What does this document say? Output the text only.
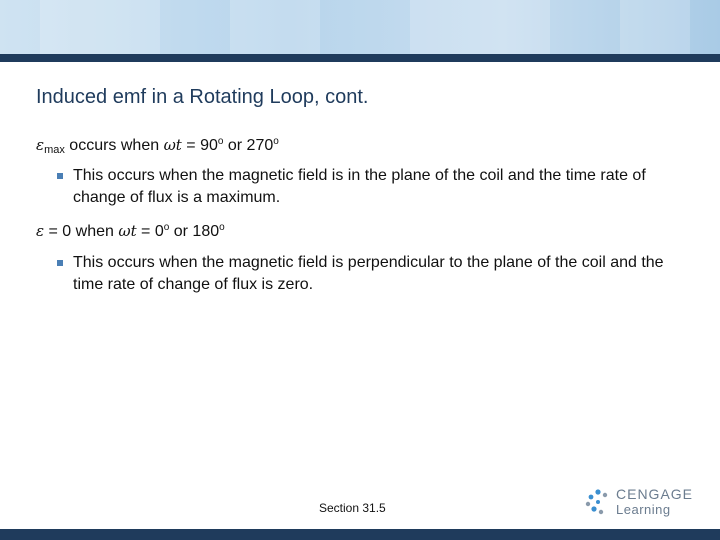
Induced emf in a Rotating Loop, cont.
$\varepsilon_{max}$ occurs when $\omega t = 90^o$ or 270$^o$
This occurs when the magnetic field is in the plane of the coil and the time rate of change of flux is a maximum.
ε = 0 when $\omega t = 0^o$ or 180$^o$
This occurs when the magnetic field is perpendicular to the plane of the coil and the time rate of change of flux is zero.
Section 31.5
CENGAGE
Learning
